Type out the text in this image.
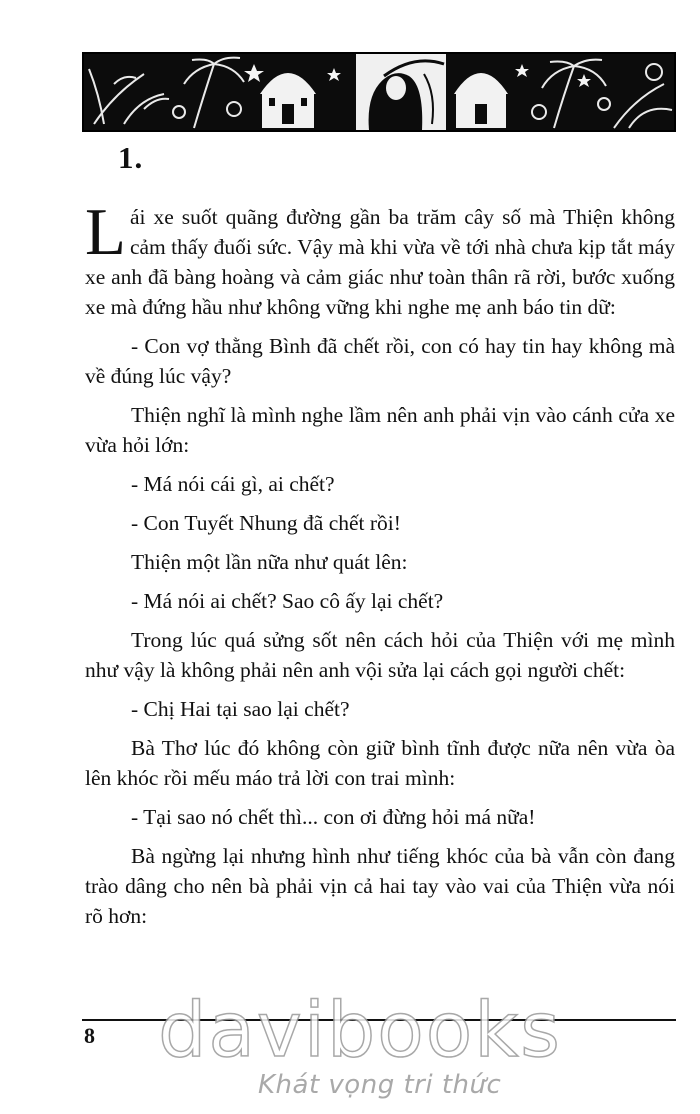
1.

Lái xe suốt quãng đường gần ba trăm cây số mà Thiện không cảm thấy đuối sức. Vậy mà khi vừa về tới nhà chưa kịp tắt máy xe anh đã bàng hoàng và cảm giác như toàn thân rã rời, bước xuống xe mà đứng hầu như không vững khi nghe mẹ anh báo tin dữ:

- Con vợ thằng Bình đã chết rồi, con có hay tin hay không mà về đúng lúc vậy?

Thiện nghĩ là mình nghe lầm nên anh phải vịn vào cánh cửa xe vừa hỏi lớn:

- Má nói cái gì, ai chết?

- Con Tuyết Nhung đã chết rồi!

Thiện một lần nữa như quát lên:

- Má nói ai chết? Sao cô ấy lại chết?

Trong lúc quá sửng sốt nên cách hỏi của Thiện với mẹ mình như vậy là không phải nên anh vội sửa lại cách gọi người chết:

- Chị Hai tại sao lại chết?

Bà Thơ lúc đó không còn giữ bình tĩnh được nữa nên vừa òa lên khóc rồi mếu máo trả lời con trai mình:

- Tại sao nó chết thì... con ơi đừng hỏi má nữa!

Bà ngừng lại nhưng hình như tiếng khóc của bà vẫn còn đang trào dâng cho nên bà phải vịn cả hai tay vào vai của Thiện vừa nói rõ hơn:

8 davibooks
Khát vọng tri thức
